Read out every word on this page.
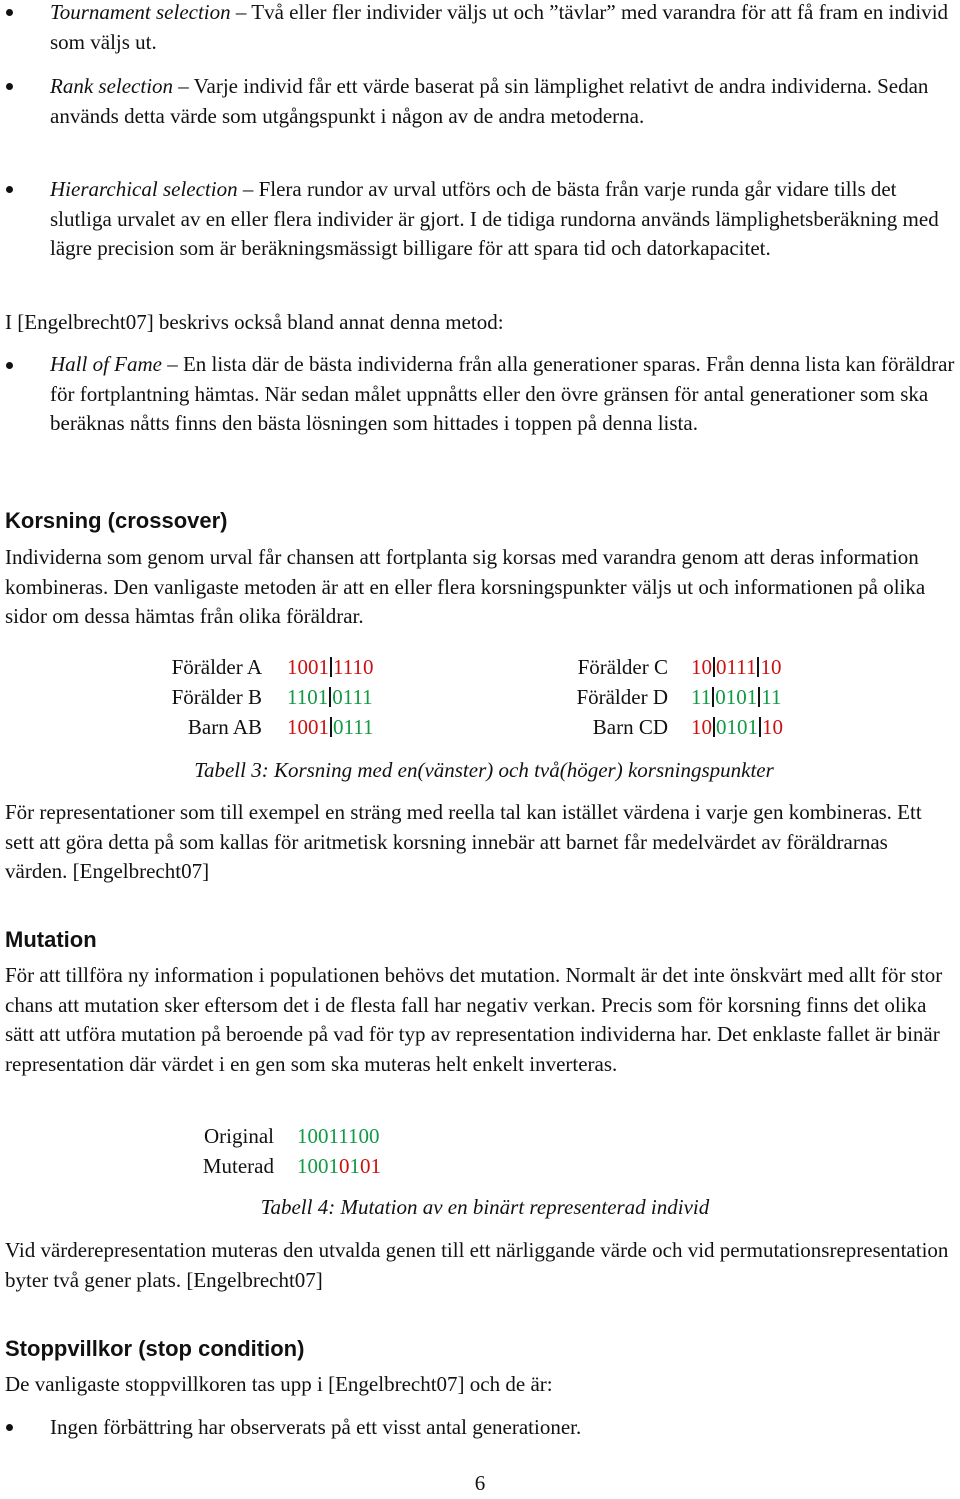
Tournament selection – Två eller fler individer väljs ut och ”tävlar” med varandra för att få fram en individ som väljs ut.
Rank selection – Varje individ får ett värde baserat på sin lämplighet relativt de andra individerna. Sedan används detta värde som utgångspunkt i någon av de andra metoderna.
Hierarchical selection – Flera rundor av urval utförs och de bästa från varje runda går vidare tills det slutliga urvalet av en eller flera individer är gjort. I de tidiga rundorna används lämplighetsberäkning med lägre precision som är beräkningsmässigt billigare för att spara tid och datorkapacitet.
I [Engelbrecht07] beskrivs också bland annat denna metod:
Hall of Fame – En lista där de bästa individerna från alla generationer sparas. Från denna lista kan föräldrar för fortplantning hämtas. När sedan målet uppnåtts eller den övre gränsen för antal generationer som ska beräknas nåtts finns den bästa lösningen som hittades i toppen på denna lista.
Korsning (crossover)
Individerna som genom urval får chansen att fortplanta sig korsas med varandra genom att deras information kombineras. Den vanligaste metoden är att en eller flera korsningspunkter väljs ut och informationen på olika sidor om dessa hämtas från olika föräldrar.
Förälder A
Förälder B
Barn AB
1001 1110
1101 0111
1001 0111
Förälder C
Förälder D
Barn CD
10 0111 10
11 0101 11
10 0101 10
Tabell 3: Korsning med en(vänster) och två(höger) korsningspunkter
För representationer som till exempel en sträng med reella tal kan istället värdena i varje gen kombineras. Ett sett att göra detta på som kallas för aritmetisk korsning innebär att barnet får medelvärdet av föräldrarnas värden. [Engelbrecht07]
Mutation
För att tillföra ny information i populationen behövs det mutation. Normalt är det inte önskvärt med allt för stor chans att mutation sker eftersom det i de flesta fall har negativ verkan. Precis som för korsning finns det olika sätt att utföra mutation på beroende på vad för typ av representation individerna har. Det enklaste fallet är binär representation där värdet i en gen som ska muteras helt enkelt inverteras.
Original
Muterad
10011100
10010101
Tabell 4: Mutation av en binärt representerad individ
Vid värderepresentation muteras den utvalda genen till ett närliggande värde och vid permutationsrepresentation byter två gener plats. [Engelbrecht07]
Stoppvillkor (stop condition)
De vanligaste stoppvillkoren tas upp i [Engelbrecht07] och de är:
Ingen förbättring har observerats på ett visst antal generationer.
6
